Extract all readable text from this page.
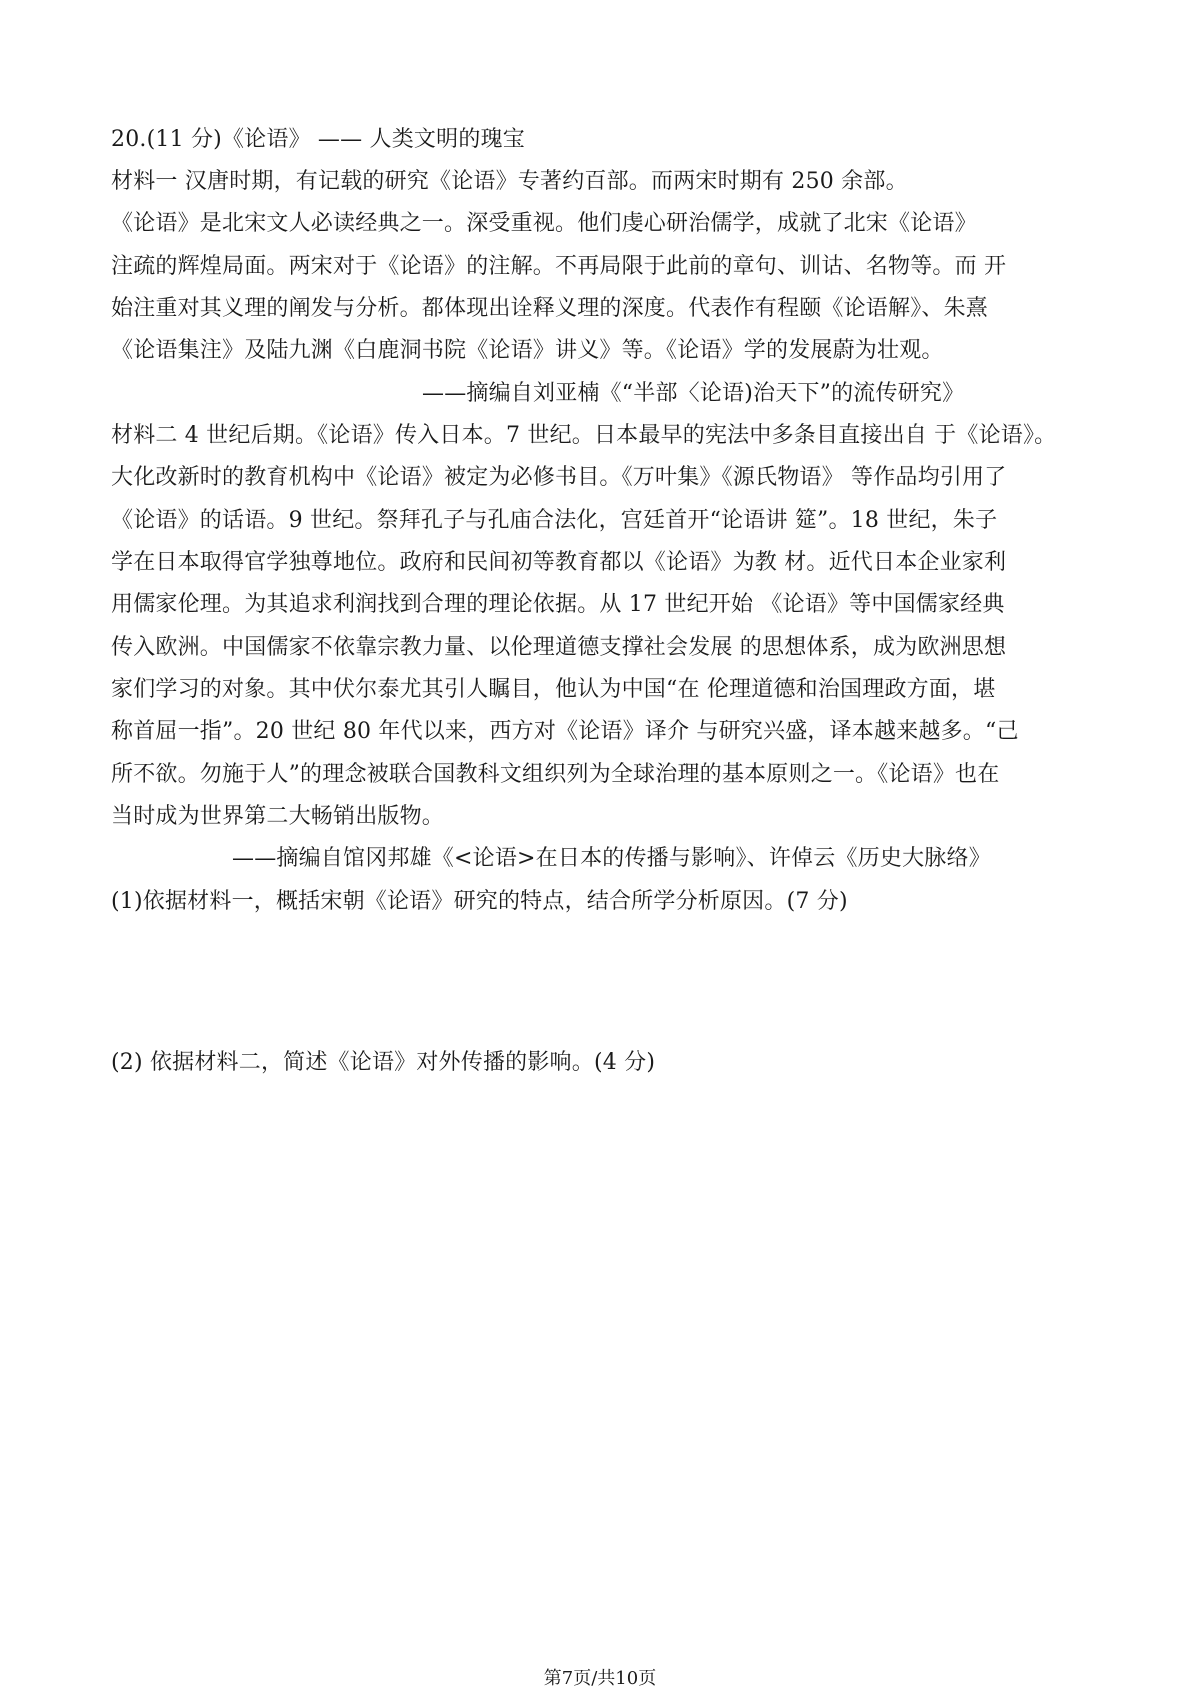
20.(11 分)《论语》 —— 人类文明的瑰宝
材料一 汉唐时期，有记载的研究《论语》专著约百部。而两宋时期有 250 余部。
《论语》是北宋文人必读经典之一。深受重视。他们虔心研治儒学，成就了北宋《论语》
注疏的辉煌局面。两宋对于《论语》的注解。不再局限于此前的章句、训诂、名物等。而 开
始注重对其义理的阐发与分析。都体现出诠释义理的深度。代表作有程颐《论语解》、朱熹
《论语集注》及陆九渊《白鹿洞书院《论语》讲义》等。《论语》学的发展蔚为壮观。
——摘编自刘亚楠《“半部〈论语)治天下”的流传研究》
材料二 4 世纪后期。《论语》传入日本。7 世纪。日本最早的宪法中多条目直接出自 于《论语》。
大化改新时的教育机构中《论语》被定为必修书目。《万叶集》《源氏物语》 等作品均引用了
《论语》的话语。9 世纪。祭拜孔子与孔庙合法化，宫廷首开“论语讲 筵”。18 世纪，朱子
学在日本取得官学独尊地位。政府和民间初等教育都以《论语》为教 材。近代日本企业家利
用儒家伦理。为其追求利润找到合理的理论依据。从 17 世纪开始 《论语》等中国儒家经典
传入欧洲。中国儒家不依靠宗教力量、以伦理道德支撑社会发展 的思想体系，成为欧洲思想
家们学习的对象。其中伏尔泰尤其引人瞩目，他认为中国“在 伦理道德和治国理政方面，堪
称首屈一指”。20 世纪 80 年代以来，西方对《论语》译介 与研究兴盛，译本越来越多。“己
所不欲。勿施于人”的理念被联合国教科文组织列为全球治理的基本原则之一。《论语》也在
当时成为世界第二大畅销出版物。
——摘编自馆冈邦雄《<论语>在日本的传播与影响》、许倬云《历史大脉络》
(1)依据材料一，概括宋朝《论语》研究的特点，结合所学分析原因。(7 分)
(2) 依据材料二，简述《论语》对外传播的影响。(4 分)
第7页/共10页
